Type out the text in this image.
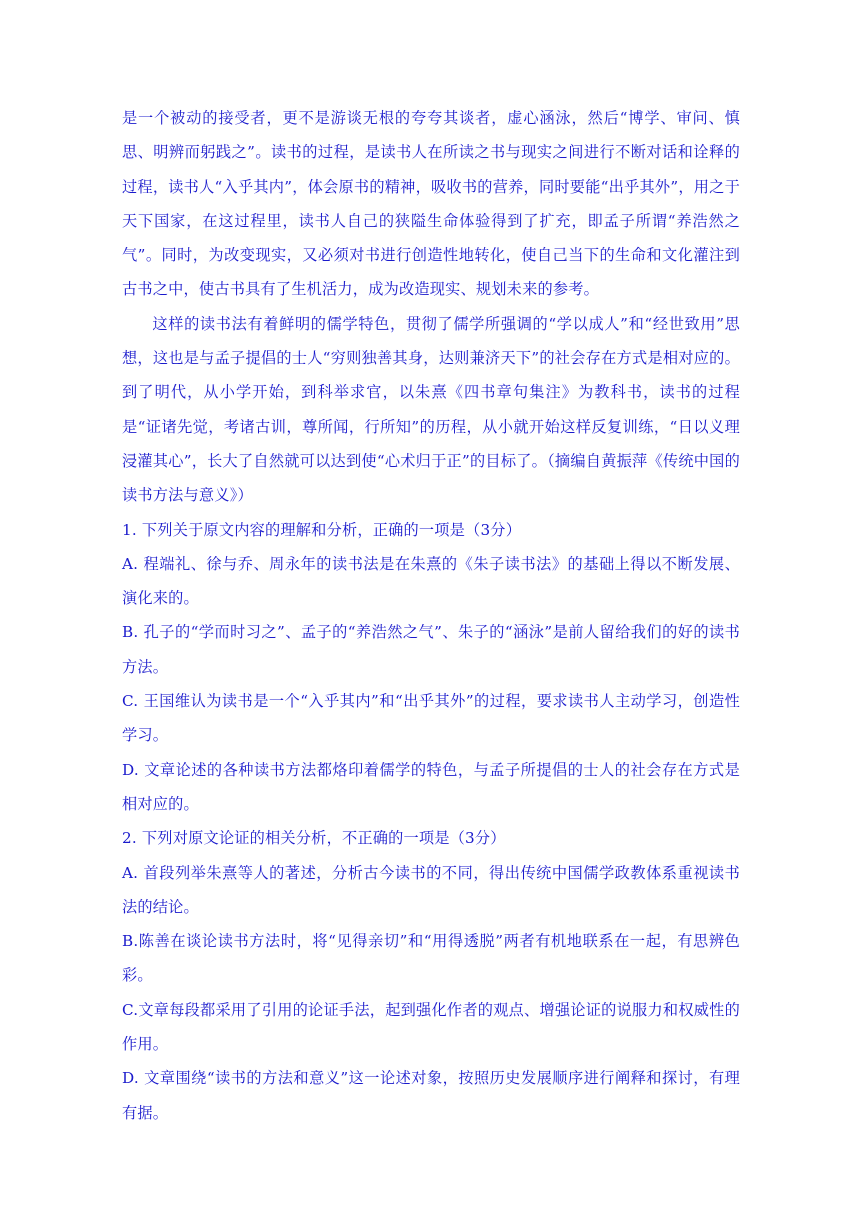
是一个被动的接受者，更不是游谈无根的夸夸其谈者，虚心涵泳，然后“博学、审问、慎思、明辨而躬践之”。读书的过程，是读书人在所读之书与现实之间进行不断对话和诠释的过程，读书人“入乎其内”，体会原书的精神，吸收书的营养，同时要能“出乎其外”，用之于天下国家，在这过程里，读书人自己的狭隘生命体验得到了扩充，即孟子所谓“养浩然之气”。同时，为改变现实，又必须对书进行创造性地转化，使自己当下的生命和文化灌注到古书之中，使古书具有了生机活力，成为改造现实、规划未来的参考。

这样的读书法有着鲜明的儒学特色，贯彻了儒学所强调的“学以成人”和“经世致用”思想，这也是与孟子提倡的士人“穷则独善其身，达则兼济天下”的社会存在方式是相对应的。到了明代，从小学开始，到科举求官，以朱熹《四书章句集注》为教科书，读书的过程是“证诸先觉，考诸古训，尊所闻，行所知”的历程，从小就开始这样反复训练，“日以义理浸灌其心”，长大了自然就可以达到使“心术归于正”的目标了。（摘编自黄振萍《传统中国的读书方法与意义》）

1. 下列关于原文内容的理解和分析，正确的一项是（3分）

A. 程端礼、徐与乔、周永年的读书法是在朱熹的《朱子读书法》的基础上得以不断发展、演化来的。

B. 孔子的“学而时习之”、孟子的“养浩然之气”、朱子的“涵泳”是前人留给我们的好的读书方法。

C. 王国维认为读书是一个“入乎其内”和“出乎其外”的过程，要求读书人主动学习，创造性学习。

D. 文章论述的各种读书方法都烙印着儒学的特色，与孟子所提倡的士人的社会存在方式是相对应的。

2. 下列对原文论证的相关分析，不正确的一项是（3分）

A. 首段列举朱熹等人的著述，分析古今读书的不同，得出传统中国儒学政教体系重视读书法的结论。

B.陈善在谈论读书方法时，将“见得亲切”和“用得透脱”两者有机地联系在一起，有思辨色彩。

C.文章每段都采用了引用的论证手法，起到强化作者的观点、增强论证的说服力和权威性的作用。

D. 文章围绕“读书的方法和意义”这一论述对象，按照历史发展顺序进行阐释和探讨，有理有据。
